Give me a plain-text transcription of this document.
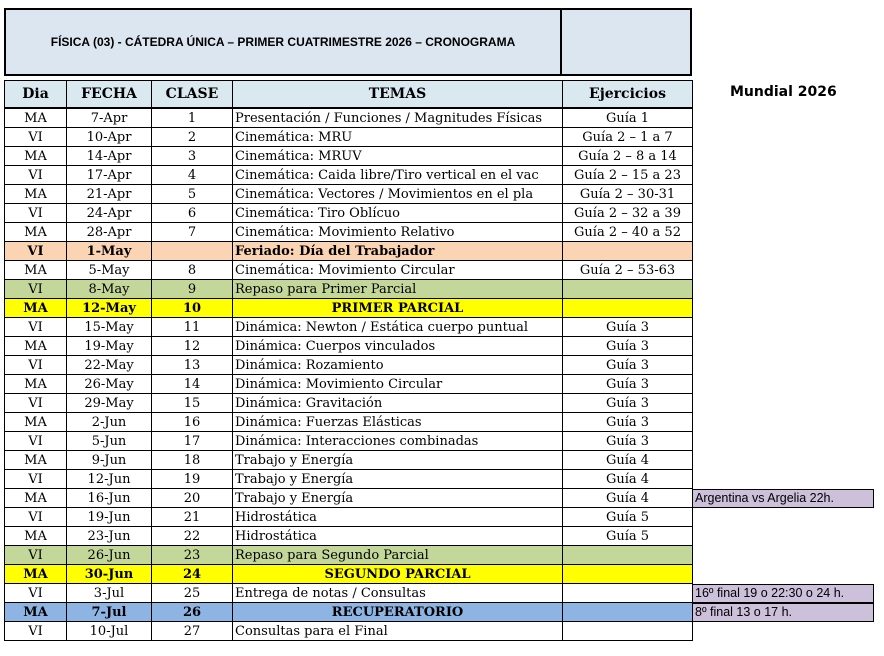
FÍSICA (03) - CÁTEDRA ÚNICA – PRIMER CUATRIMESTRE 2026 – CRONOGRAMA
Dia	FECHA	CLASE	TEMAS	Ejercicios
MA	7-Apr	1	Presentación / Funciones / Magnitudes Físicas	Guía 1
VI	10-Apr	2	Cinemática: MRU	Guía 2 – 1 a 7
MA	14-Apr	3	Cinemática: MRUV	Guía 2 – 8 a 14
VI	17-Apr	4	Cinemática: Caida libre/Tiro vertical en el vac	Guía 2 – 15 a 23
MA	21-Apr	5	Cinemática: Vectores / Movimientos en el pla	Guía 2 – 30-31
VI	24-Apr	6	Cinemática: Tiro Oblícuo	Guía 2 – 32 a 39
MA	28-Apr	7	Cinemática: Movimiento Relativo	Guía 2 – 40 a 52
VI	1-May		Feriado: Día del Trabajador	
MA	5-May	8	Cinemática: Movimiento Circular	Guía 2 – 53-63
VI	8-May	9	Repaso para Primer Parcial	
MA	12-May	10	PRIMER PARCIAL	
VI	15-May	11	Dinámica: Newton / Estática cuerpo puntual	Guía 3
MA	19-May	12	Dinámica: Cuerpos vinculados	Guía 3
VI	22-May	13	Dinámica: Rozamiento	Guía 3
MA	26-May	14	Dinámica: Movimiento Circular	Guía 3
VI	29-May	15	Dinámica: Gravitación	Guía 3
MA	2-Jun	16	Dinámica: Fuerzas Elásticas	Guía 3
VI	5-Jun	17	Dinámica: Interacciones combinadas	Guía 3
MA	9-Jun	18	Trabajo y Energía	Guía 4
VI	12-Jun	19	Trabajo y Energía	Guía 4
MA	16-Jun	20	Trabajo y Energía	Guía 4
VI	19-Jun	21	Hidrostática	Guía 5
MA	23-Jun	22	Hidrostática	Guía 5
VI	26-Jun	23	Repaso para Segundo Parcial	
MA	30-Jun	24	SEGUNDO PARCIAL	
VI	3-Jul	25	Entrega de notas / Consultas	
MA	7-Jul	26	RECUPERATORIO	
VI	10-Jul	27	Consultas para el Final	
Mundial 2026
Argentina vs Argelia 22h.
16º final 19 o 22:30 o 24 h.
8º final 13 o 17 h.
